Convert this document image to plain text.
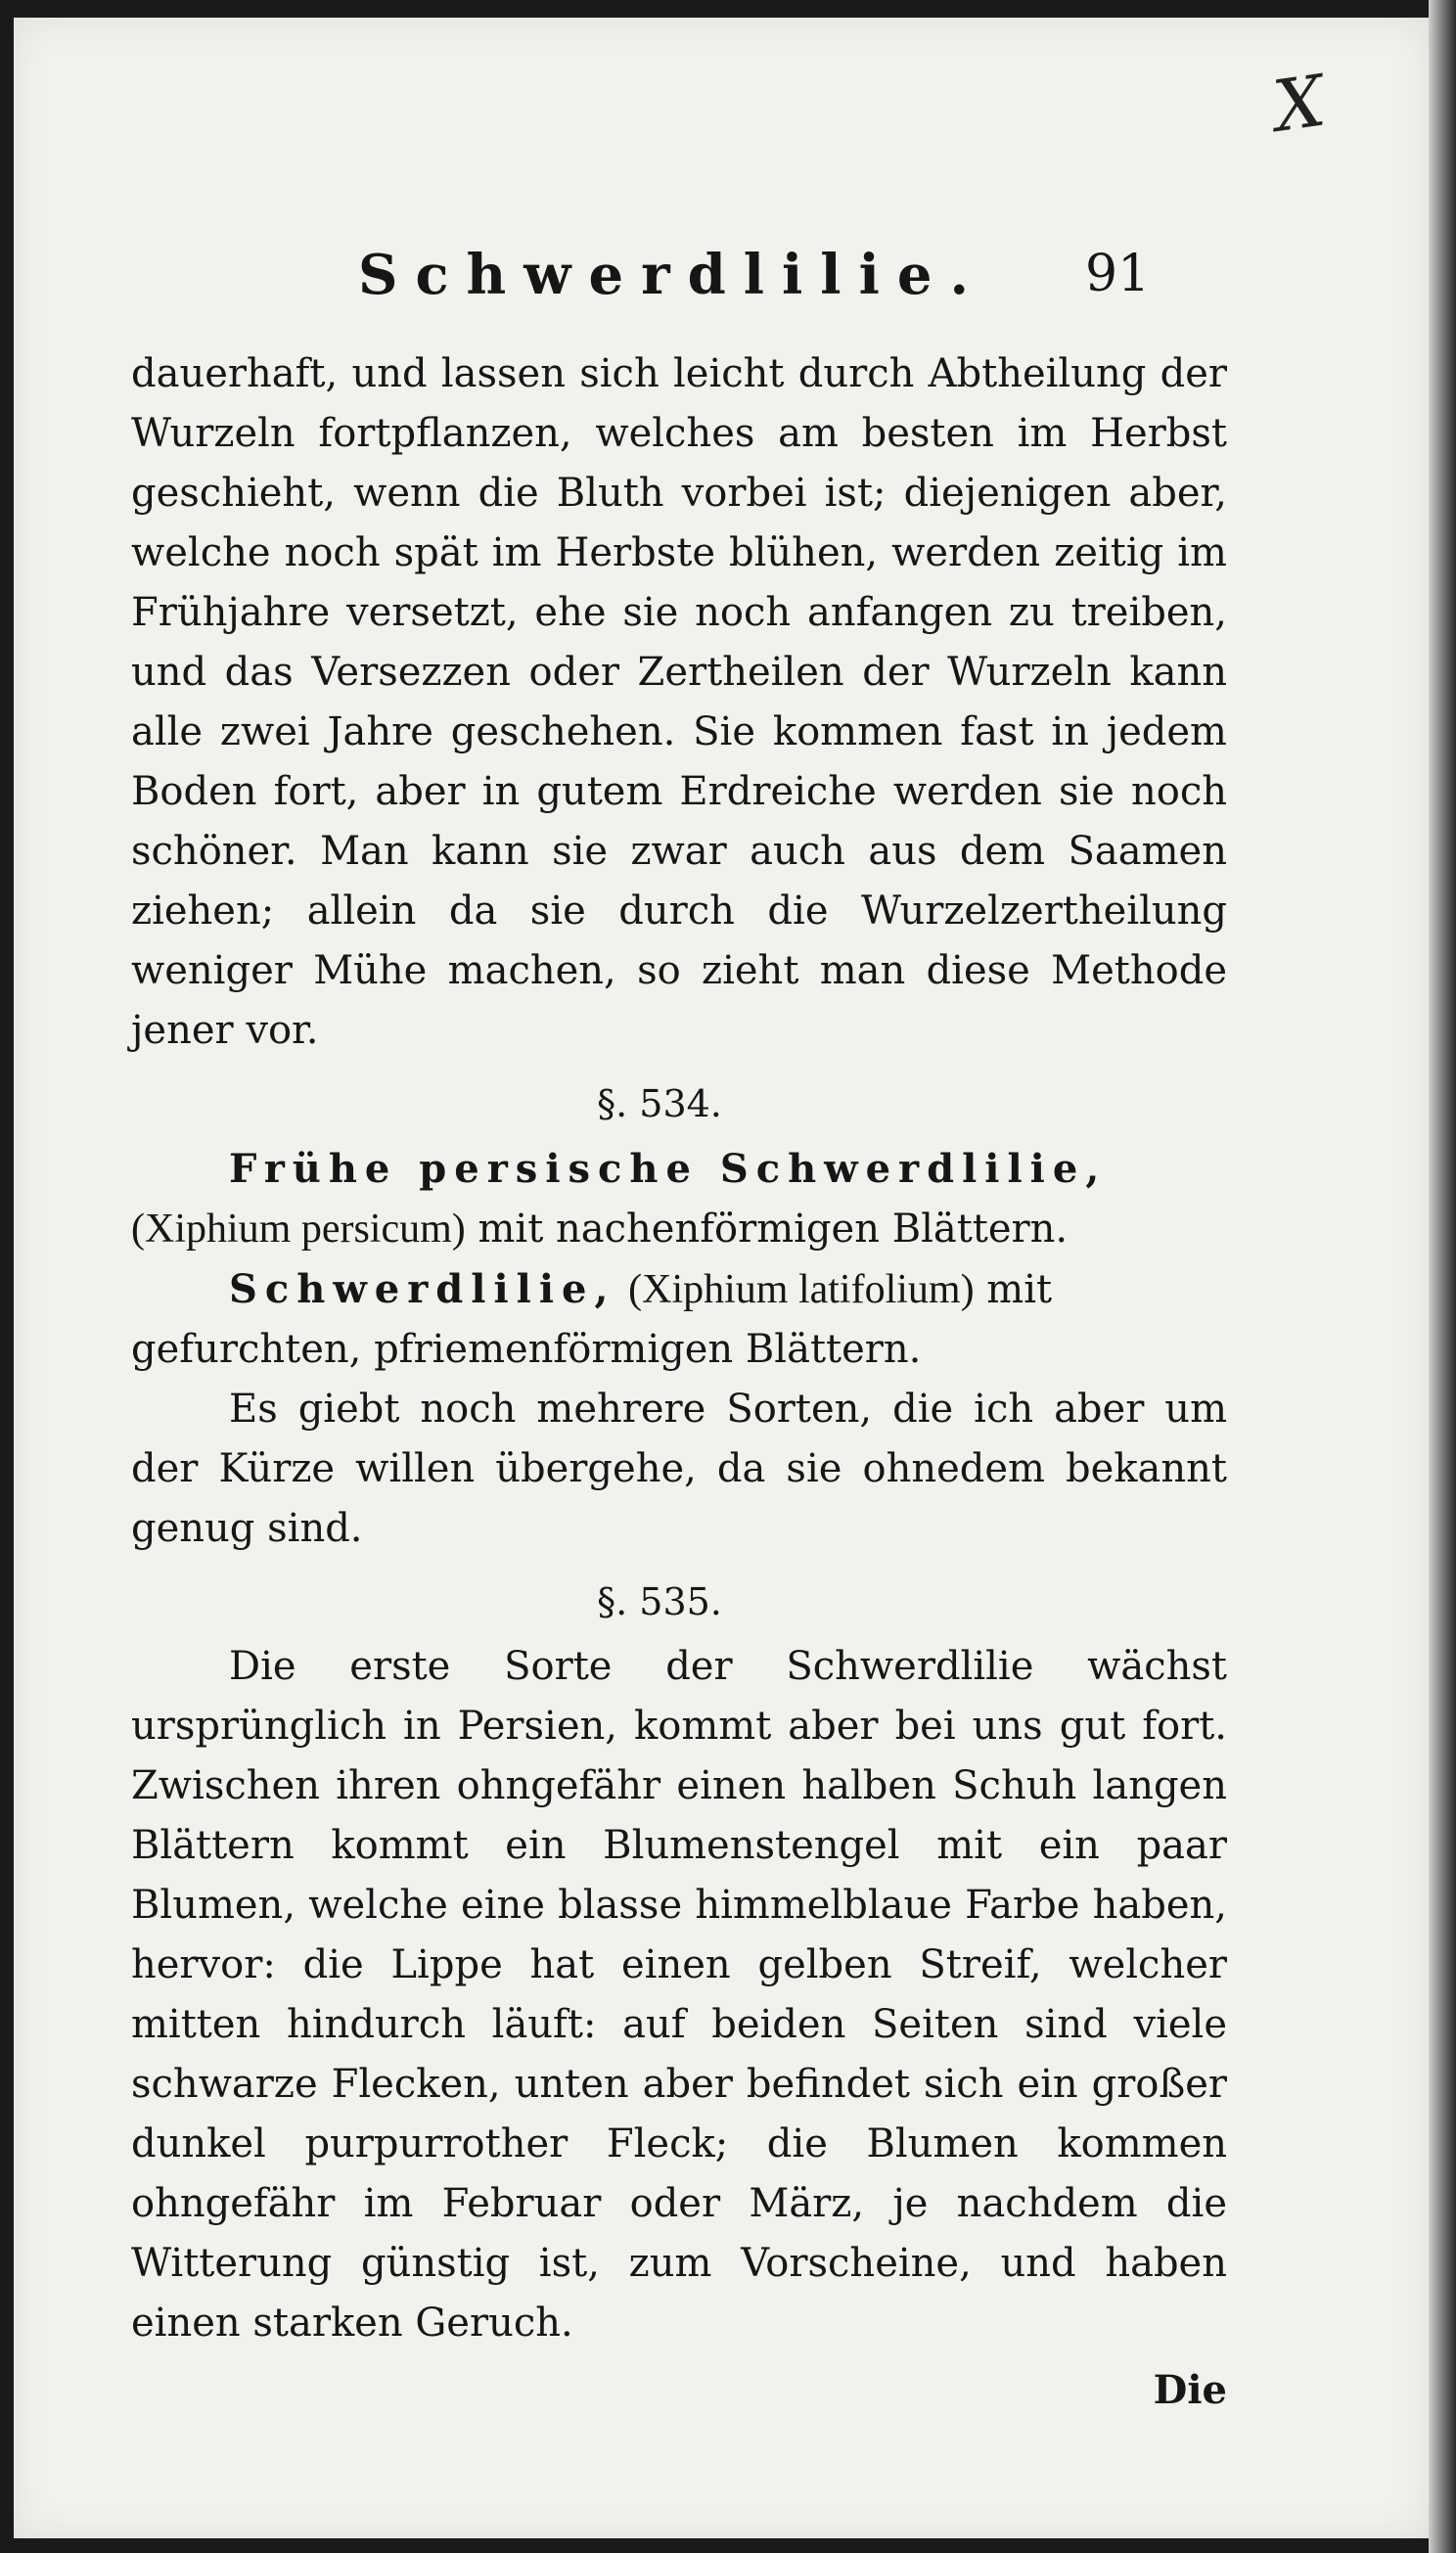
X
Schwerdlilie. 91

dauerhaft, und lassen sich leicht durch Abtheilung der Wurzeln fortpflanzen, welches am besten im Herbst geschieht, wenn die Bluth vorbei ist; diejenigen aber, welche noch spät im Herbste blühen, werden zeitig im Frühjahre versetzt, ehe sie noch anfangen zu treiben, und das Versezzen oder Zertheilen der Wurzeln kann alle zwei Jahre geschehen. Sie kommen fast in jedem Boden fort, aber in gutem Erdreiche werden sie noch schöner. Man kann sie zwar auch aus dem Saamen ziehen; allein da sie durch die Wurzelzertheilung weniger Mühe machen, so zieht man diese Methode jener vor.

§. 534.

Frühe persische Schwerdlilie, (Xiphium persicum) mit nachenförmigen Blättern.

Schwerdlilie, (Xiphium latifolium) mit gefurchten, pfriemenförmigen Blättern.

Es giebt noch mehrere Sorten, die ich aber um der Kürze willen übergehe, da sie ohnedem bekannt genug sind.

§. 535.

Die erste Sorte der Schwerdlilie wächst ursprünglich in Persien, kommt aber bei uns gut fort. Zwischen ihren ohngefähr einen halben Schuh langen Blättern kommt ein Blumenstengel mit ein paar Blumen, welche eine blasse himmelblaue Farbe haben, hervor: die Lippe hat einen gelben Streif, welcher mitten hindurch läuft: auf beiden Seiten sind viele schwarze Flecken, unten aber befindet sich ein großer dunkel purpurrother Fleck; die Blumen kommen ohngefähr im Februar oder März, je nachdem die Witterung günstig ist, zum Vorscheine, und haben einen starken Geruch.

Die
